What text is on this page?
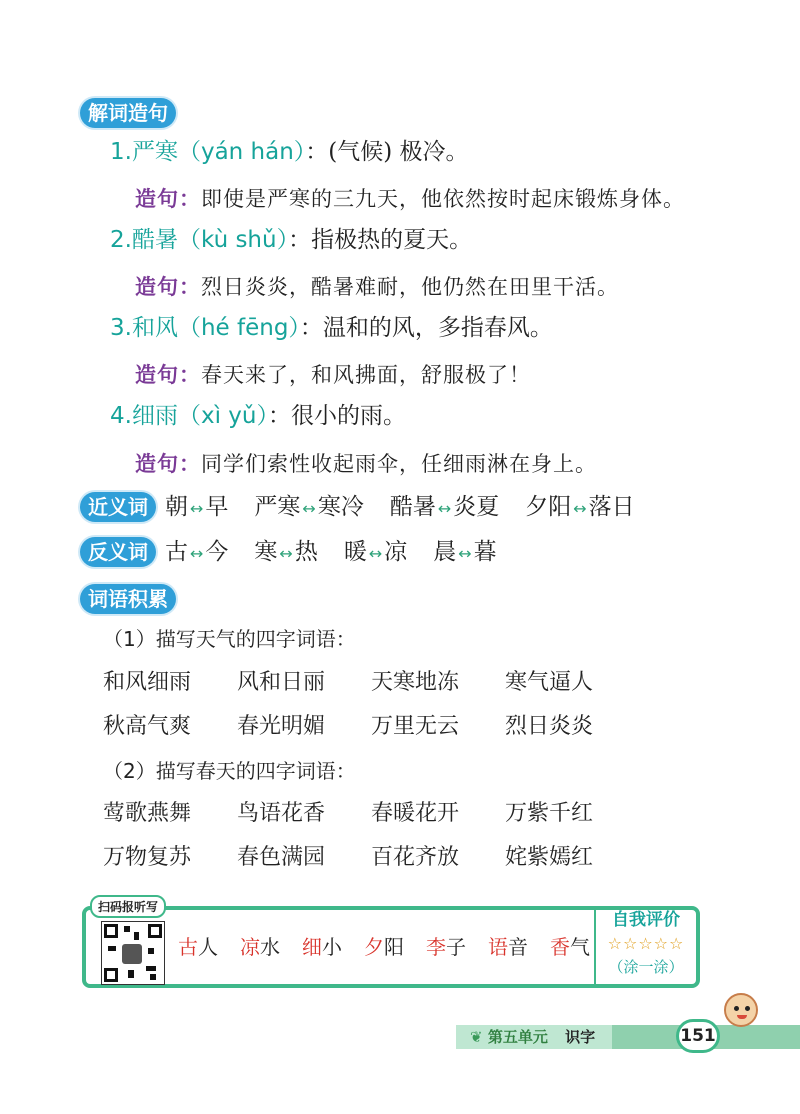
解词造句
1.严寒（yán hán）：(气候) 极冷。
造句：即使是严寒的三九天，他依然按时起床锻炼身体。
2.酷暑（kù shǔ）：指极热的夏天。
造句：烈日炎炎，酷暑难耐，他仍然在田里干活。
3.和风（hé fēng）：温和的风，多指春风。
造句：春天来了，和风拂面，舒服极了！
4.细雨（xì yǔ）：很小的雨。
造句：同学们索性收起雨伞，任细雨淋在身上。
近义词 朝 ↔早 严寒 ↔寒冷 酷暑 ↔炎夏 夕阳 ↔落日
反义词 古 ↔今 寒 ↔热 暖 ↔凉 晨 ↔暮
词语积累
（1）描写天气的四字词语：
和风细雨	风和日丽	天寒地冻	寒气逼人
秋高气爽	春光明媚	万里无云	烈日炎炎
（2）描写春天的四字词语：
莺歌燕舞	鸟语花香	春暖花开	万紫千红
万物复苏	春色满园	百花齐放	姹紫嫣红
扫码报听写
古人 凉水 细小 夕阳 李子 语音 香气
自我评价
☆☆☆☆☆
（涂一涂）
❦ 第五单元 识字	151
